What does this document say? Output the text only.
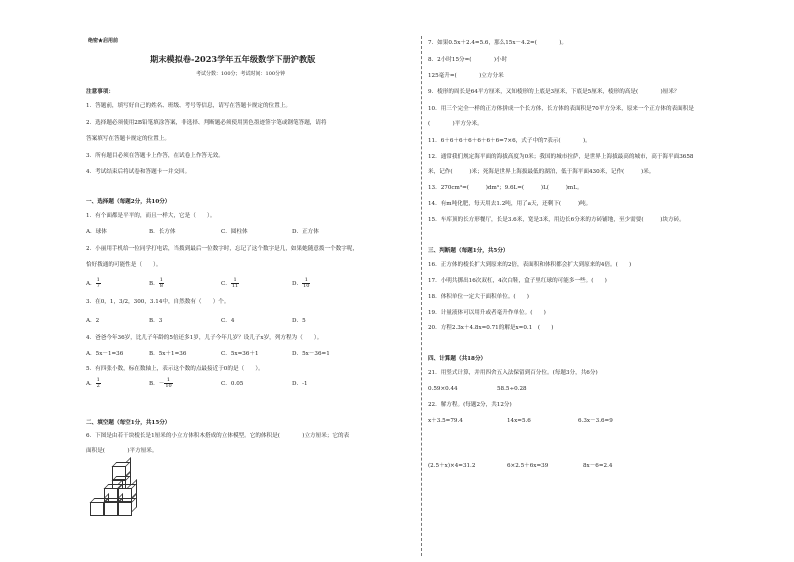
绝密★启用前
期末模拟卷-2023学年五年级数学下册沪教版
考试分数：100分；考试时间：100分钟
注意事项：
1．答题前，填写好自己的姓名、班级、考号等信息，请写在答题卡规定的位置上。
2．选择题必须使用2B铅笔填涂答案，非选择、判断题必须使用黑色墨迹签字笔或钢笔答题，请将
答案填写在答题卡规定的位置上。
3．所有题目必须在答题卡上作答，在试卷上作答无效。
4．考试结束后将试卷和答题卡一并交回。
一、选择题（每题2分，共10分）
1．有个面都是平平的，而且一样大，它是（　　）。
A．球体	B．长方体	C．圆柱体	D．正方体
2．小丽用手机给一位同学打电话，当拨到最后一位数字时，忘记了这个数字是几，如果她随意拨一个数字呢，
恰好拨通的可能性是（　　）。
A． $\frac{1}{7}$	B． $\frac{1}{8}$	C． $\frac{1}{11}$	D． $\frac{1}{10}$
3．在0，1，3/2，300，3.14中，自然数有（　　）个。
A．2	B．3	C．4	D．5
4．爸爸今年36岁，比儿子年龄的5倍还多1岁，儿子今年几岁？设儿子x岁，列方程为（　　）。
A．5x－1=36	B．5x＋1=36	C．5x=36＋1	D．5x－36=1
5．有四张小数，标在数轴上，表示这个数的点最接近于0的是（　　）。
A． $\frac{1}{2}$	B．－ $\frac{1}{10}$	C．0.05	D．-1
二、填空题（每空1分，共15分）
6．下图是由若干块棱长是1厘米的小立方体积木搭成的立体模型。它的体积是(　　　　)立方厘米；它的表
面积是(　　　　)平方厘米。
7．如果0.5x＋2.4=5.6，那么15x－4.2=(　　　　)。
8．2小时15分=(　　　　)小时
125毫升=(　　　　)立方分米
9．棱形的周长是64平方厘米，又知棱形的上底是3厘米，下底是5厘米，棱形的高是(　　　　)厘米？
10．用三个完全一样的正方体拼成一个长方体，长方体的表面积是70平方分米，原来一个正方体的表面积是
(　　　　)平方分米。
11．6＋6＋6＋6＋6＋6＋6=7×6，式子中的7表示(　　　　)。
12．通常我们规定海平面的海拔高度为0米；我国的城市拉萨，是世界上海拔最高的城市，高于海平面3658
米，记作(　　　)米；死海是世界上海拔最低的湖泊，低于海平面430米，记作(　　　)米。
13．270cm³=(　　　)dm³；9.6L=(　　　)L(　　　)mL。
14．有m吨化肥，每天用去1.2吨，用了a天，还剩下(　　　)吨。
15．车库顶的长方形餐厅，长是3.6米，宽是3米，用边长6分米的方砖铺地，至少需要(　　　)块方砖。
三、判断题（每题1分，共5分）
16．正方体的棱长扩大到原来的2倍，表面积和体积都会扩大到原来的4倍。(　　)
17．小明共掷出16次双杠，4次白鞋，盒子里红球的可能多一些。(　　)
18．体积单位一定大于面积单位。(　　)
19．计量液体可以用升或者毫升作单位。(　　)
20．方程2.3x＋4.8x=0.71的解是x=0.1　(　　)
四、计算题（共18分）
21．用竖式计算，并用四舍五入法保留到百分位。(每题3分，共6分)
0.59×0.44	58.5÷0.28
22．解方程。(每题2分，共12分)
x＋3.5=79.4	14x=5.6	6.3x－3.6=9
(2.5＋x)×4=31.2	6×2.5＋6x=39	8x－6=2.4
